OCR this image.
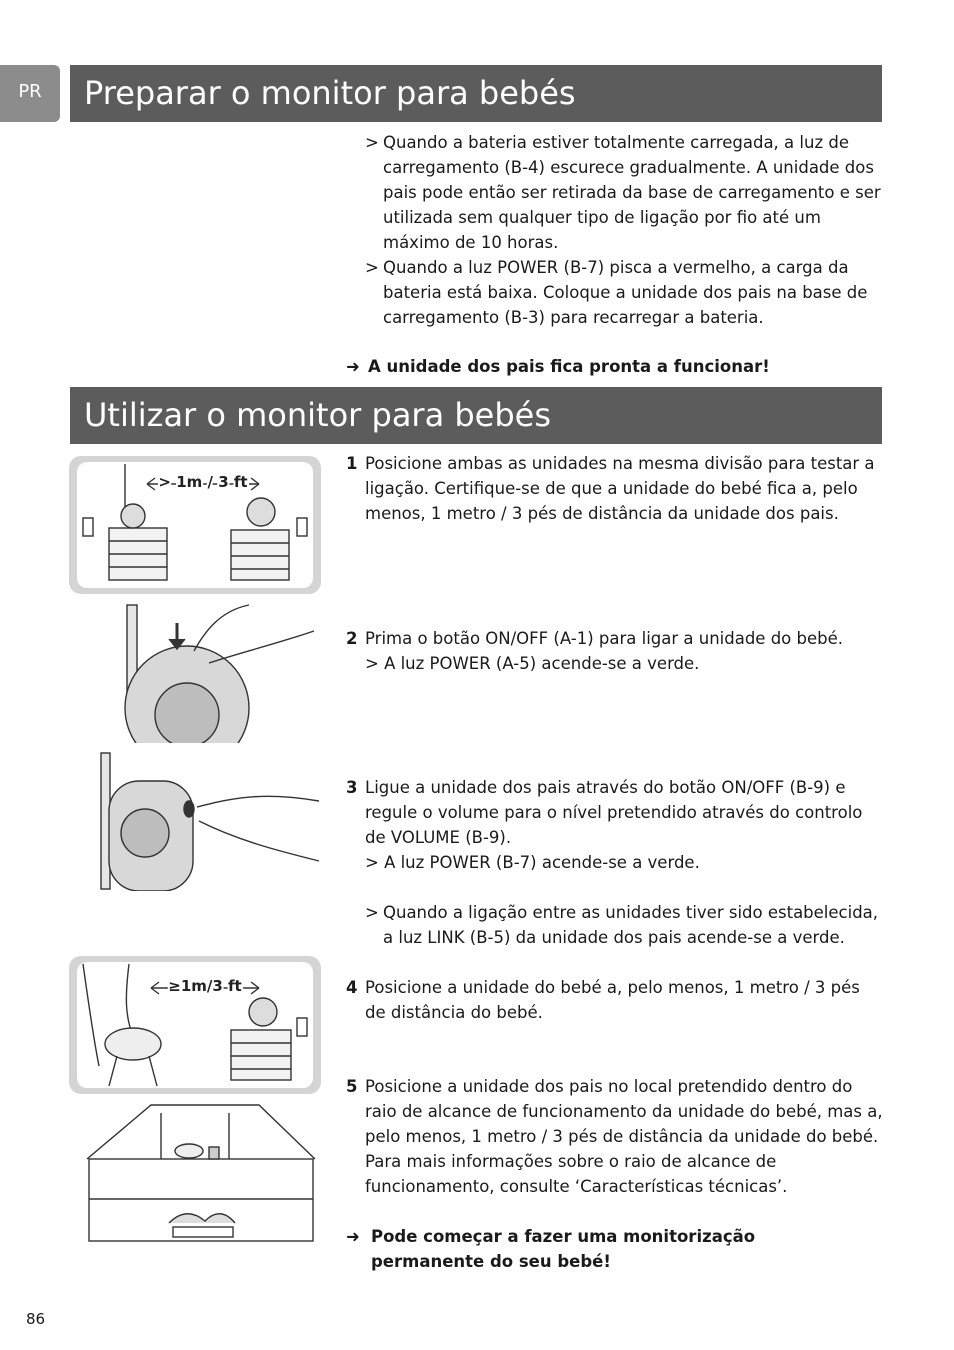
PR	Preparar o monitor para bebés
> Quando a bateria estiver totalmente carregada, a luz de carregamento (B-4) escurece gradualmente. A unidade dos pais pode então ser retirada da base de carregamento e ser utilizada sem qualquer tipo de ligação por fio até um máximo de 10 horas.
> Quando a luz POWER (B-7) pisca a vermelho, a carga da bateria está baixa. Coloque a unidade dos pais na base de carregamento (B-3) para recarregar a bateria.
➜ A unidade dos pais fica pronta a funcionar!
Utilizar o monitor para bebés
1 Posicione ambas as unidades na mesma divisão para testar a ligação. Certifique-se de que a unidade do bebé fica a, pelo menos, 1 metro / 3 pés de distância da unidade dos pais.
2 Prima o botão ON/OFF (A-1) para ligar a unidade do bebé.
> A luz POWER (A-5) acende-se a verde.
3 Ligue a unidade dos pais através do botão ON/OFF (B-9) e regule o volume para o nível pretendido através do controlo de VOLUME (B-9).
> A luz POWER (B-7) acende-se a verde.
> Quando a ligação entre as unidades tiver sido estabelecida, a luz LINK (B-5) da unidade dos pais acende-se a verde.
4 Posicione a unidade do bebé a, pelo menos, 1 metro / 3 pés de distância do bebé.
5 Posicione a unidade dos pais no local pretendido dentro do raio de alcance de funcionamento da unidade do bebé, mas a, pelo menos, 1 metro / 3 pés de distância da unidade do bebé. Para mais informações sobre o raio de alcance de funcionamento, consulte ‘Características técnicas’.
➜ Pode começar a fazer uma monitorização permanente do seu bebé!
> 1m / 3 ft
≥1m/3 ft
86
